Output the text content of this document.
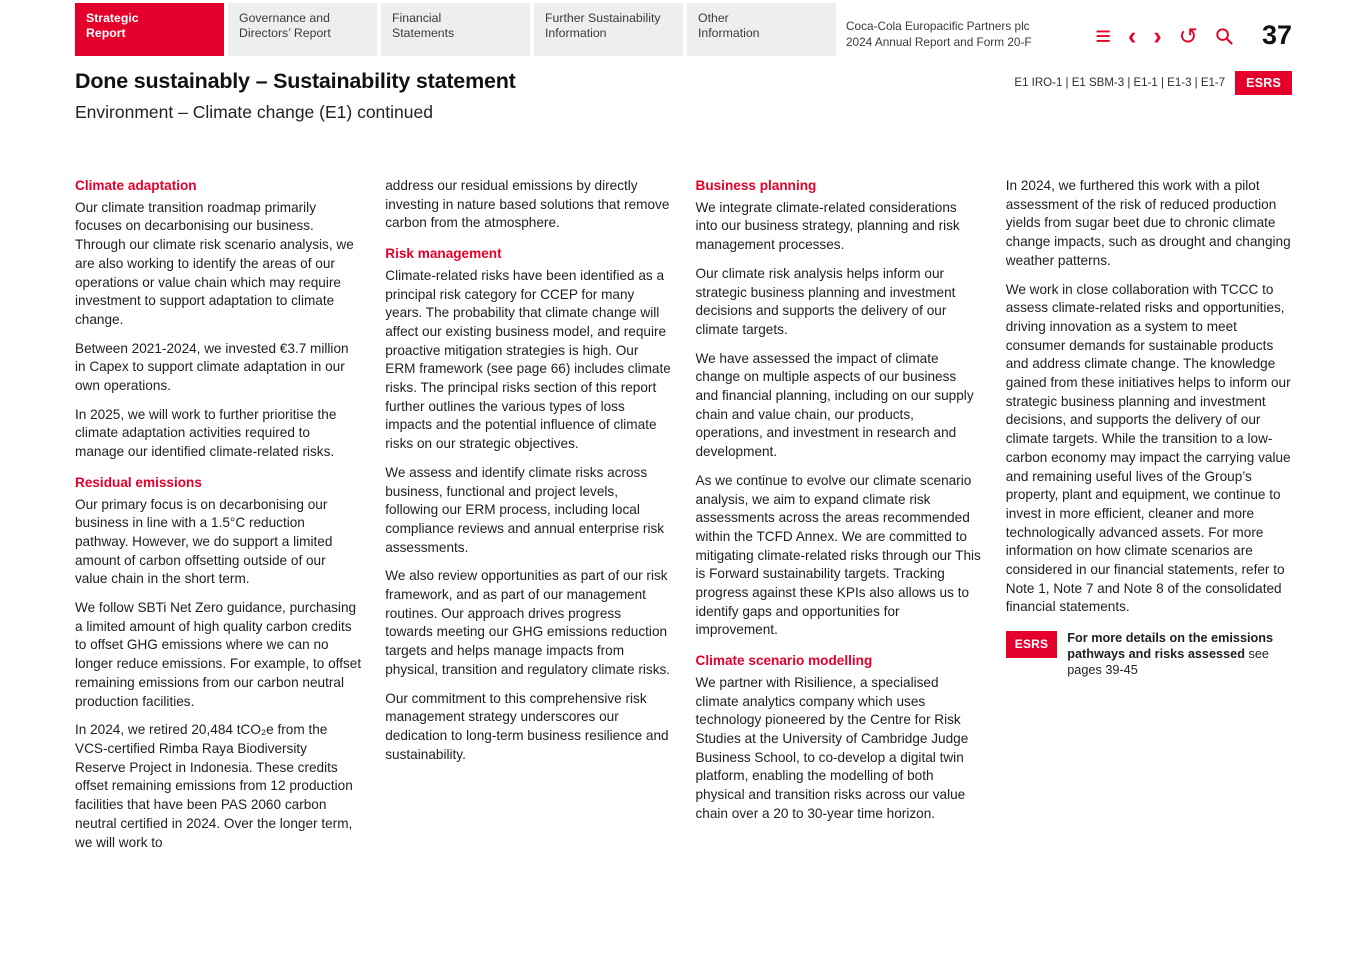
Strategic
Report
Governance and
Directors’ Report
Financial
Statements
Further Sustainability
Information
Other
Information	Coca-Cola Europacific Partners plc
2024 Annual Report and Form 20-F ≡ ‹ › ↺ 37
Done sustainably – Sustainability statement
Environment – Climate change (E1) continued
E1 IRO-1 | E1 SBM-3 | E1-1 | E1-3 | E1-7	ESRS
Climate adaptation

Our climate transition roadmap primarily focuses on decarbonising our business. Through our climate risk scenario analysis, we are also working to identify the areas of our operations or value chain which may require investment to support adaptation to climate change.

Between 2021-2024, we invested €3.7 million in Capex to support climate adaptation in our own operations.

In 2025, we will work to further prioritise the climate adaptation activities required to manage our identified climate-related risks.

Residual emissions

Our primary focus is on decarbonising our business in line with a 1.5°C reduction pathway. However, we do support a limited amount of carbon offsetting outside of our value chain in the short term.

We follow SBTi Net Zero guidance, purchasing a limited amount of high quality carbon credits to offset GHG emissions where we can no longer reduce emissions. For example, to offset remaining emissions from our carbon neutral production facilities.

In 2024, we retired 20,484 tCO₂e from the VCS-certified Rimba Raya Biodiversity Reserve Project in Indonesia. These credits offset remaining emissions from 12 production facilities that have been PAS 2060 carbon neutral certified in 2024. Over the longer term, we will work to

address our residual emissions by directly investing in nature based solutions that remove carbon from the atmosphere.

Risk management

Climate-related risks have been identified as a principal risk category for CCEP for many years. The probability that climate change will affect our existing business model, and require proactive mitigation strategies is high. Our ERM framework (see page 66) includes climate risks. The principal risks section of this report further outlines the various types of loss impacts and the potential influence of climate risks on our strategic objectives.

We assess and identify climate risks across business, functional and project levels, following our ERM process, including local compliance reviews and annual enterprise risk assessments.

We also review opportunities as part of our risk framework, and as part of our management routines. Our approach drives progress towards meeting our GHG emissions reduction targets and helps manage impacts from physical, transition and regulatory climate risks.

Our commitment to this comprehensive risk management strategy underscores our dedication to long-term business resilience and sustainability.

Business planning

We integrate climate-related considerations into our business strategy, planning and risk management processes.

Our climate risk analysis helps inform our strategic business planning and investment decisions and supports the delivery of our climate targets.

We have assessed the impact of climate change on multiple aspects of our business and financial planning, including on our supply chain and value chain, our products, operations, and investment in research and development.

As we continue to evolve our climate scenario analysis, we aim to expand climate risk assessments across the areas recommended within the TCFD Annex. We are committed to mitigating climate-related risks through our This is Forward sustainability targets. Tracking progress against these KPIs also allows us to identify gaps and opportunities for improvement.

Climate scenario modelling

We partner with Risilience, a specialised climate analytics company which uses technology pioneered by the Centre for Risk Studies at the University of Cambridge Judge Business School, to co-develop a digital twin platform, enabling the modelling of both physical and transition risks across our value chain over a 20 to 30-year time horizon.

In 2024, we furthered this work with a pilot assessment of the risk of reduced production yields from sugar beet due to chronic climate change impacts, such as drought and changing weather patterns.

We work in close collaboration with TCCC to assess climate-related risks and opportunities, driving innovation as a system to meet consumer demands for sustainable products and address climate change. The knowledge gained from these initiatives helps to inform our strategic business planning and investment decisions, and supports the delivery of our climate targets. While the transition to a low-carbon economy may impact the carrying value and remaining useful lives of the Group’s property, plant and equipment, we continue to invest in more efficient, cleaner and more technologically advanced assets. For more information on how climate scenarios are considered in our financial statements, refer to Note 1, Note 7 and Note 8 of the consolidated financial statements.

ESRS	For more details on the emissions pathways and risks assessed see pages 39-45
